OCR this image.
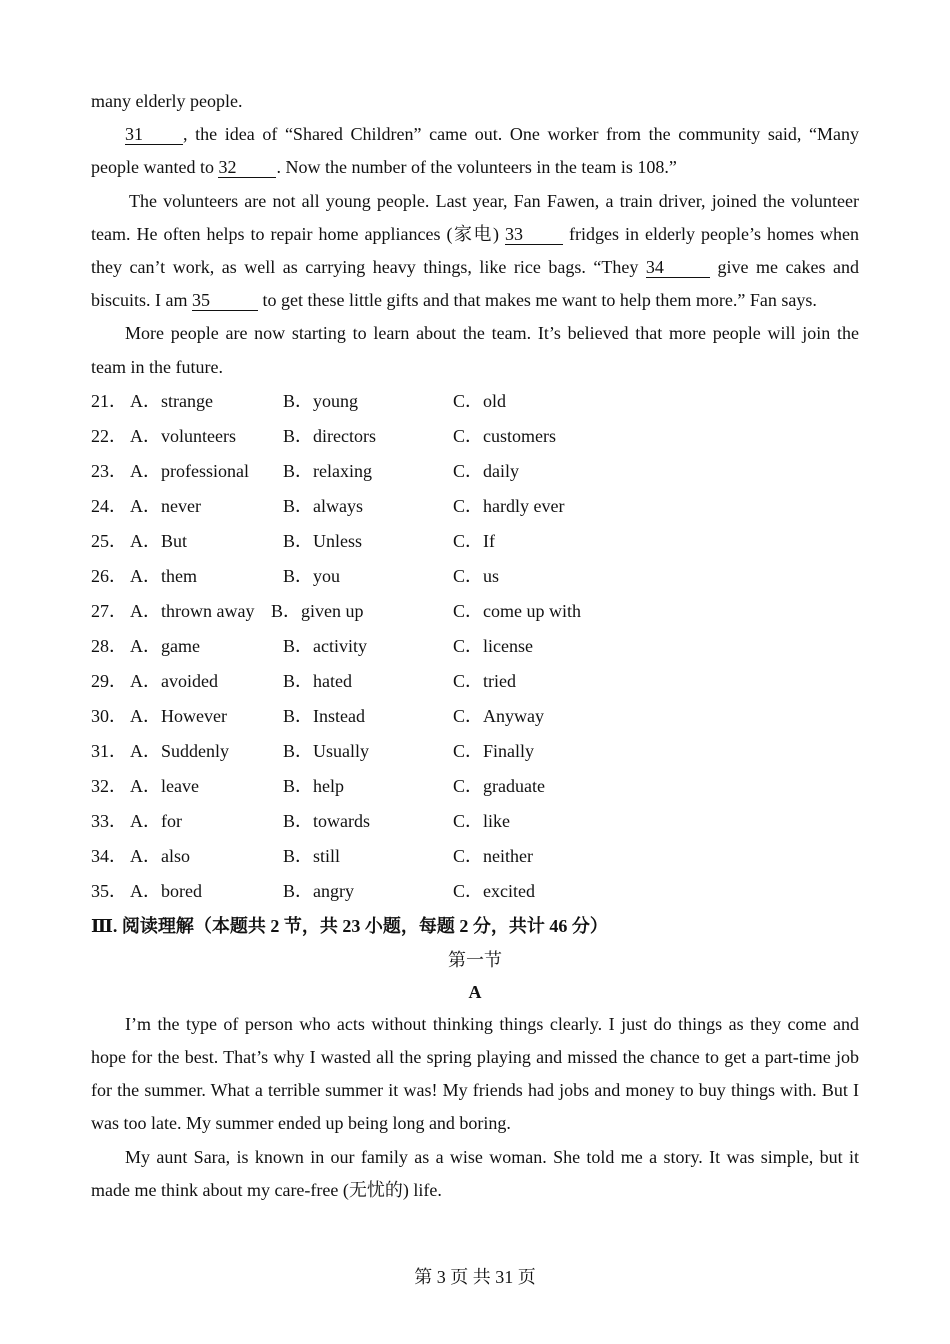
many elderly people.

31 , the idea of “Shared Children” came out. One worker from the community said, “Many people wanted to 32 . Now the number of the volunteers in the team is 108.”

The volunteers are not all young people. Last year, Fan Fawen, a train driver, joined the volunteer team. He often helps to repair home appliances (家电) 33 fridges in elderly people’s homes when they can’t work, as well as carrying heavy things, like rice bags. “They 34	give me cakes and biscuits. I am 35	to get these little gifts and that makes me want to help them more.” Fan says.

More people are now starting to learn about the team. It’s believed that more people will join the team in the future.

21． A．strange	B．young	C．old
22． A．volunteers	B．directors	C．customers
23． A．professional B．relaxing	C．daily
24． A．never	B．always	C．hardly ever
25． A．But	B．Unless	C．If
26． A．them	B．you	C．us
27． A．thrown away B．given up	C．come up with
28． A．game	B．activity	C．license
29． A．avoided	B．hated	C．tried
30． A．However	B．Instead	C．Anyway
31． A．Suddenly	B．Usually	C．Finally
32． A．leave	B．help	C．graduate
33． A．for	B．towards	C．like
34． A．also	B．still	C．neither
35． A．bored	B．angry	C．excited

Ⅲ. 阅读理解（本题共 2 节，共 23 小题，每题 2 分，共计 46 分）

第一节

A

I’m the type of person who acts without thinking things clearly. I just do things as they come and hope for the best. That’s why I wasted all the spring playing and missed the chance to get a part-time job for the summer. What a terrible summer it was! My friends had jobs and money to buy things with. But I was too late. My summer ended up being long and boring.

My aunt Sara, is known in our family as a wise woman. She told me a story. It was simple, but it made me think about my care-free (无忧的) life.

第 3 页 共 31 页
